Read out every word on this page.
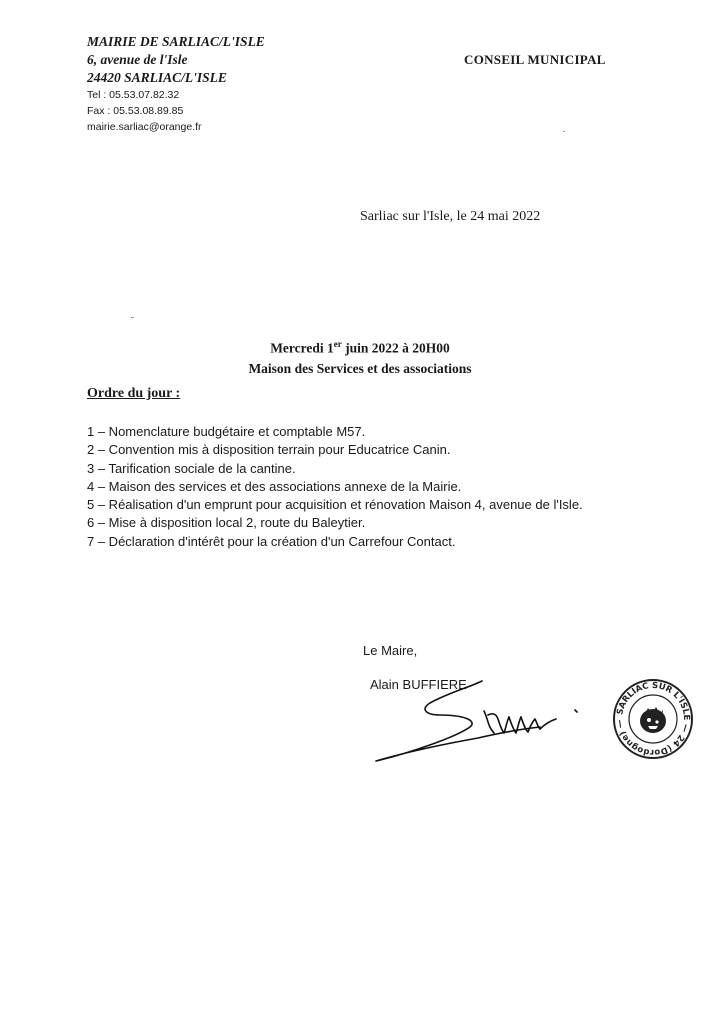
MAIRIE DE SARLIAC/L'ISLE
6, avenue de l'Isle
24420 SARLIAC/L'ISLE
Tel : 05.53.07.82.32
Fax : 05.53.08.89.85
mairie.sarliac@orange.fr
CONSEIL MUNICIPAL
Sarliac sur l'Isle, le 24 mai 2022
Mercredi 1er juin 2022 à 20H00
Maison des Services et des associations
Ordre du jour :
1 – Nomenclature budgétaire et comptable M57.
2 – Convention mis à disposition terrain pour Educatrice Canin.
3 – Tarification sociale de la cantine.
4 – Maison des services et des associations annexe de la Mairie.
5 – Réalisation d'un emprunt pour acquisition et rénovation Maison 4, avenue de l'Isle.
6 – Mise à disposition local 2, route du Baleytier.
7 – Déclaration d'intérêt pour la création d'un Carrefour Contact.
Le Maire,
Alain BUFFIERE
SARLIAC SUR L'ISLE — 24 (Dordogne) —
